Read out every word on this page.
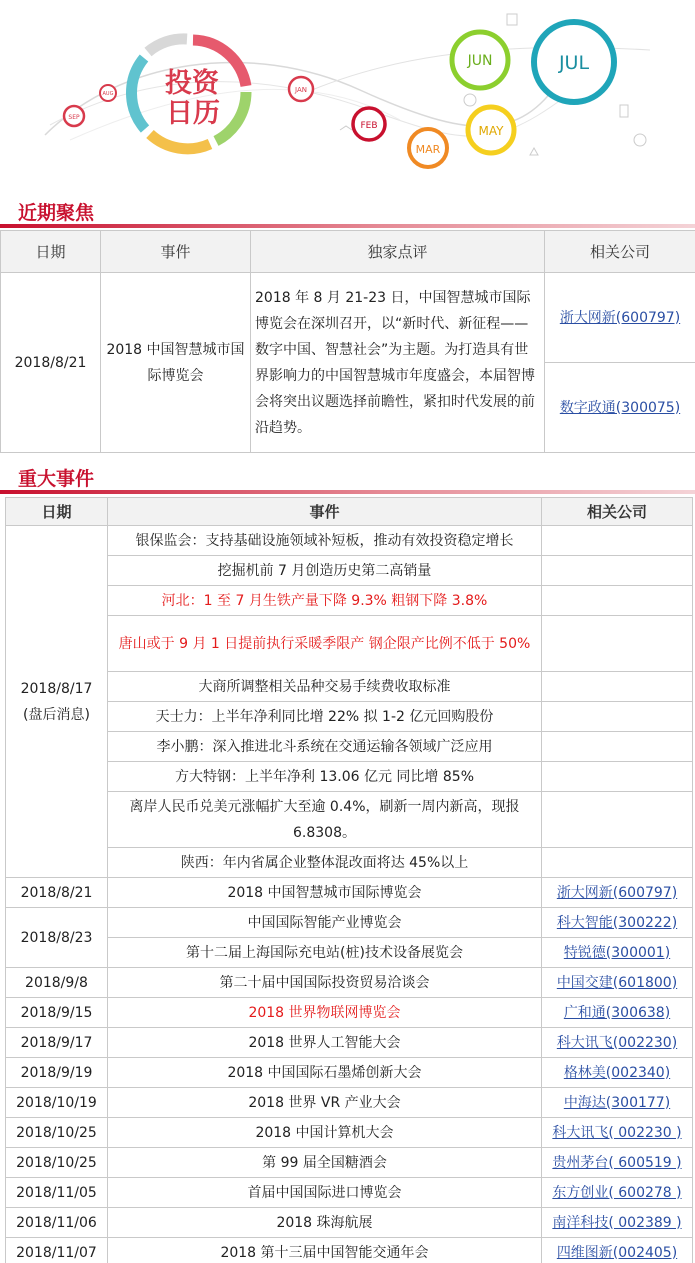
投资
日历
SEP
AUG	JAN
FEB
MAR
MAY
JUN	JUL
近期聚焦
日期	事件	独家点评	相关公司
2018/8/21	2018 中国智慧城市国际博览会	2018 年 8 月 21-23 日，中国智慧城市国际博览会在深圳召开，以“新时代、新征程——数字中国、智慧社会”为主题。为打造具有世界影响力的中国智慧城市年度盛会，本届智博会将突出议题选择前瞻性，紧扣时代发展的前沿趋势。	浙大网新(600797)
			数字政通(300075)
重大事件
日期	事件	相关公司

2018/8/17
(盘后消息)	银保监会：支持基础设施领域补短板，推动有效投资稳定增长	
	挖掘机前 7 月创造历史第二高销量	
	河北：1 至 7 月生铁产量下降 9.3% 粗钢下降 3.8%	
	唐山或于 9 月 1 日提前执行采暖季限产 钢企限产比例不低于 50%	
	大商所调整相关品种交易手续费收取标准	
	天士力：上半年净利同比增 22% 拟 1-2 亿元回购股份	
	李小鹏：深入推进北斗系统在交通运输各领域广泛应用	
	方大特钢：上半年净利 13.06 亿元 同比增 85%	
	离岸人民币兑美元涨幅扩大至逾 0.4%，刷新一周内新高，现报 6.8308。	
	陕西：年内省属企业整体混改面将达 45%以上	
2018/8/21	2018 中国智慧城市国际博览会	浙大网新(600797)
2018/8/23	中国国际智能产业博览会	科大智能(300222)
	第十二届上海国际充电站(桩)技术设备展览会	特锐德(300001)
2018/9/8	第二十届中国国际投资贸易洽谈会	中国交建(601800)
2018/9/15	2018 世界物联网博览会	广和通(300638)
2018/9/17	2018 世界人工智能大会	科大讯飞(002230)
2018/9/19	2018 中国国际石墨烯创新大会	格林美(002340)
2018/10/19	2018 世界 VR 产业大会	中海达(300177)
2018/10/25	2018 中国计算机大会	科大讯飞( 002230 )
2018/10/25	第 99 届全国糖酒会	贵州茅台( 600519 )
2018/11/05	首届中国国际进口博览会	东方创业( 600278 )
2018/11/06	2018 珠海航展	南洋科技( 002389 )
2018/11/07	2018 第十三届中国智能交通年会	四维图新(002405)
